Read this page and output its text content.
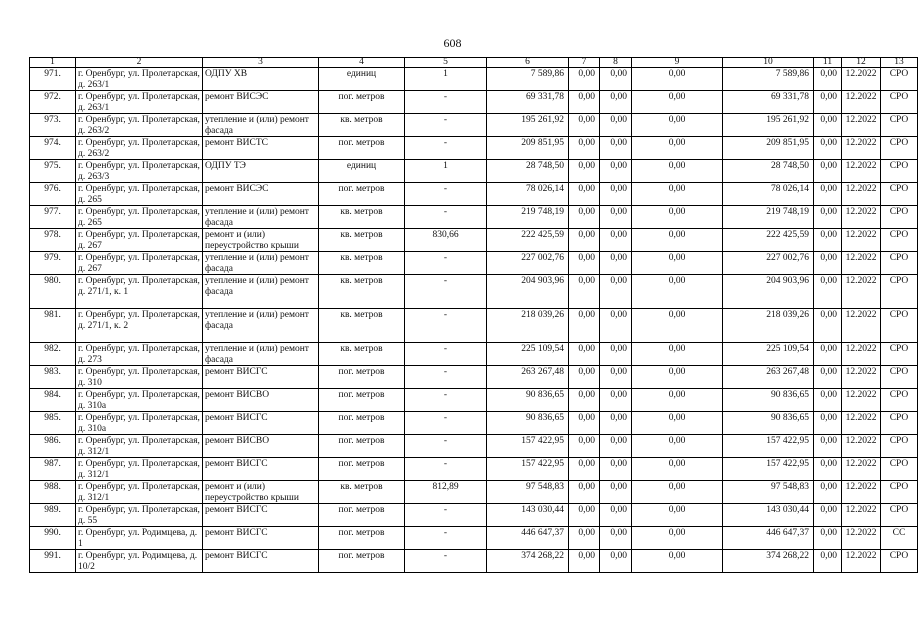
608
1	2	3	4	5	6	7	8	9	10	11	12	13
971.	г. Оренбург, ул. Пролетарская, д. 263/1	ОДПУ ХВ	единиц	1	7 589,86	0,00	0,00	0,00	7 589,86	0,00	12.2022	СРО
972.	г. Оренбург, ул. Пролетарская, д. 263/1	ремонт ВИСЭС	пог. метров	-	69 331,78	0,00	0,00	0,00	69 331,78	0,00	12.2022	СРО
973.	г. Оренбург, ул. Пролетарская, д. 263/2	утепление и (или) ремонт фасада	кв. метров	-	195 261,92	0,00	0,00	0,00	195 261,92	0,00	12.2022	СРО
974.	г. Оренбург, ул. Пролетарская, д. 263/2	ремонт ВИСТС	пог. метров	-	209 851,95	0,00	0,00	0,00	209 851,95	0,00	12.2022	СРО
975.	г. Оренбург, ул. Пролетарская, д. 263/3	ОДПУ ТЭ	единиц	1	28 748,50	0,00	0,00	0,00	28 748,50	0,00	12.2022	СРО
976.	г. Оренбург, ул. Пролетарская, д. 265	ремонт ВИСЭС	пог. метров	-	78 026,14	0,00	0,00	0,00	78 026,14	0,00	12.2022	СРО
977.	г. Оренбург, ул. Пролетарская, д. 265	утепление и (или) ремонт фасада	кв. метров	-	219 748,19	0,00	0,00	0,00	219 748,19	0,00	12.2022	СРО
978.	г. Оренбург, ул. Пролетарская, д. 267	ремонт и (или) переустройство крыши	кв. метров	830,66	222 425,59	0,00	0,00	0,00	222 425,59	0,00	12.2022	СРО
979.	г. Оренбург, ул. Пролетарская, д. 267	утепление и (или) ремонт фасада	кв. метров	-	227 002,76	0,00	0,00	0,00	227 002,76	0,00	12.2022	СРО
980.	г. Оренбург, ул. Пролетарская, д. 271/1, к. 1	утепление и (или) ремонт фасада	кв. метров	-	204 903,96	0,00	0,00	0,00	204 903,96	0,00	12.2022	СРО
981.	г. Оренбург, ул. Пролетарская, д. 271/1, к. 2	утепление и (или) ремонт фасада	кв. метров	-	218 039,26	0,00	0,00	0,00	218 039,26	0,00	12.2022	СРО
982.	г. Оренбург, ул. Пролетарская, д. 273	утепление и (или) ремонт фасада	кв. метров	-	225 109,54	0,00	0,00	0,00	225 109,54	0,00	12.2022	СРО
983.	г. Оренбург, ул. Пролетарская, д. 310	ремонт ВИСГС	пог. метров	-	263 267,48	0,00	0,00	0,00	263 267,48	0,00	12.2022	СРО
984.	г. Оренбург, ул. Пролетарская, д. 310а	ремонт ВИСВО	пог. метров	-	90 836,65	0,00	0,00	0,00	90 836,65	0,00	12.2022	СРО
985.	г. Оренбург, ул. Пролетарская, д. 310а	ремонт ВИСГС	пог. метров	-	90 836,65	0,00	0,00	0,00	90 836,65	0,00	12.2022	СРО
986.	г. Оренбург, ул. Пролетарская, д. 312/1	ремонт ВИСВО	пог. метров	-	157 422,95	0,00	0,00	0,00	157 422,95	0,00	12.2022	СРО
987.	г. Оренбург, ул. Пролетарская, д. 312/1	ремонт ВИСГС	пог. метров	-	157 422,95	0,00	0,00	0,00	157 422,95	0,00	12.2022	СРО
988.	г. Оренбург, ул. Пролетарская, д. 312/1	ремонт и (или) переустройство крыши	кв. метров	812,89	97 548,83	0,00	0,00	0,00	97 548,83	0,00	12.2022	СРО
989.	г. Оренбург, ул. Пролетарская, д. 55	ремонт ВИСГС	пог. метров	-	143 030,44	0,00	0,00	0,00	143 030,44	0,00	12.2022	СРО
990.	г. Оренбург, ул. Родимцева, д. 1	ремонт ВИСГС	пог. метров	-	446 647,37	0,00	0,00	0,00	446 647,37	0,00	12.2022	СС
991.	г. Оренбург, ул. Родимцева, д. 10/2	ремонт ВИСГС	пог. метров	-	374 268,22	0,00	0,00	0,00	374 268,22	0,00	12.2022	СРО
